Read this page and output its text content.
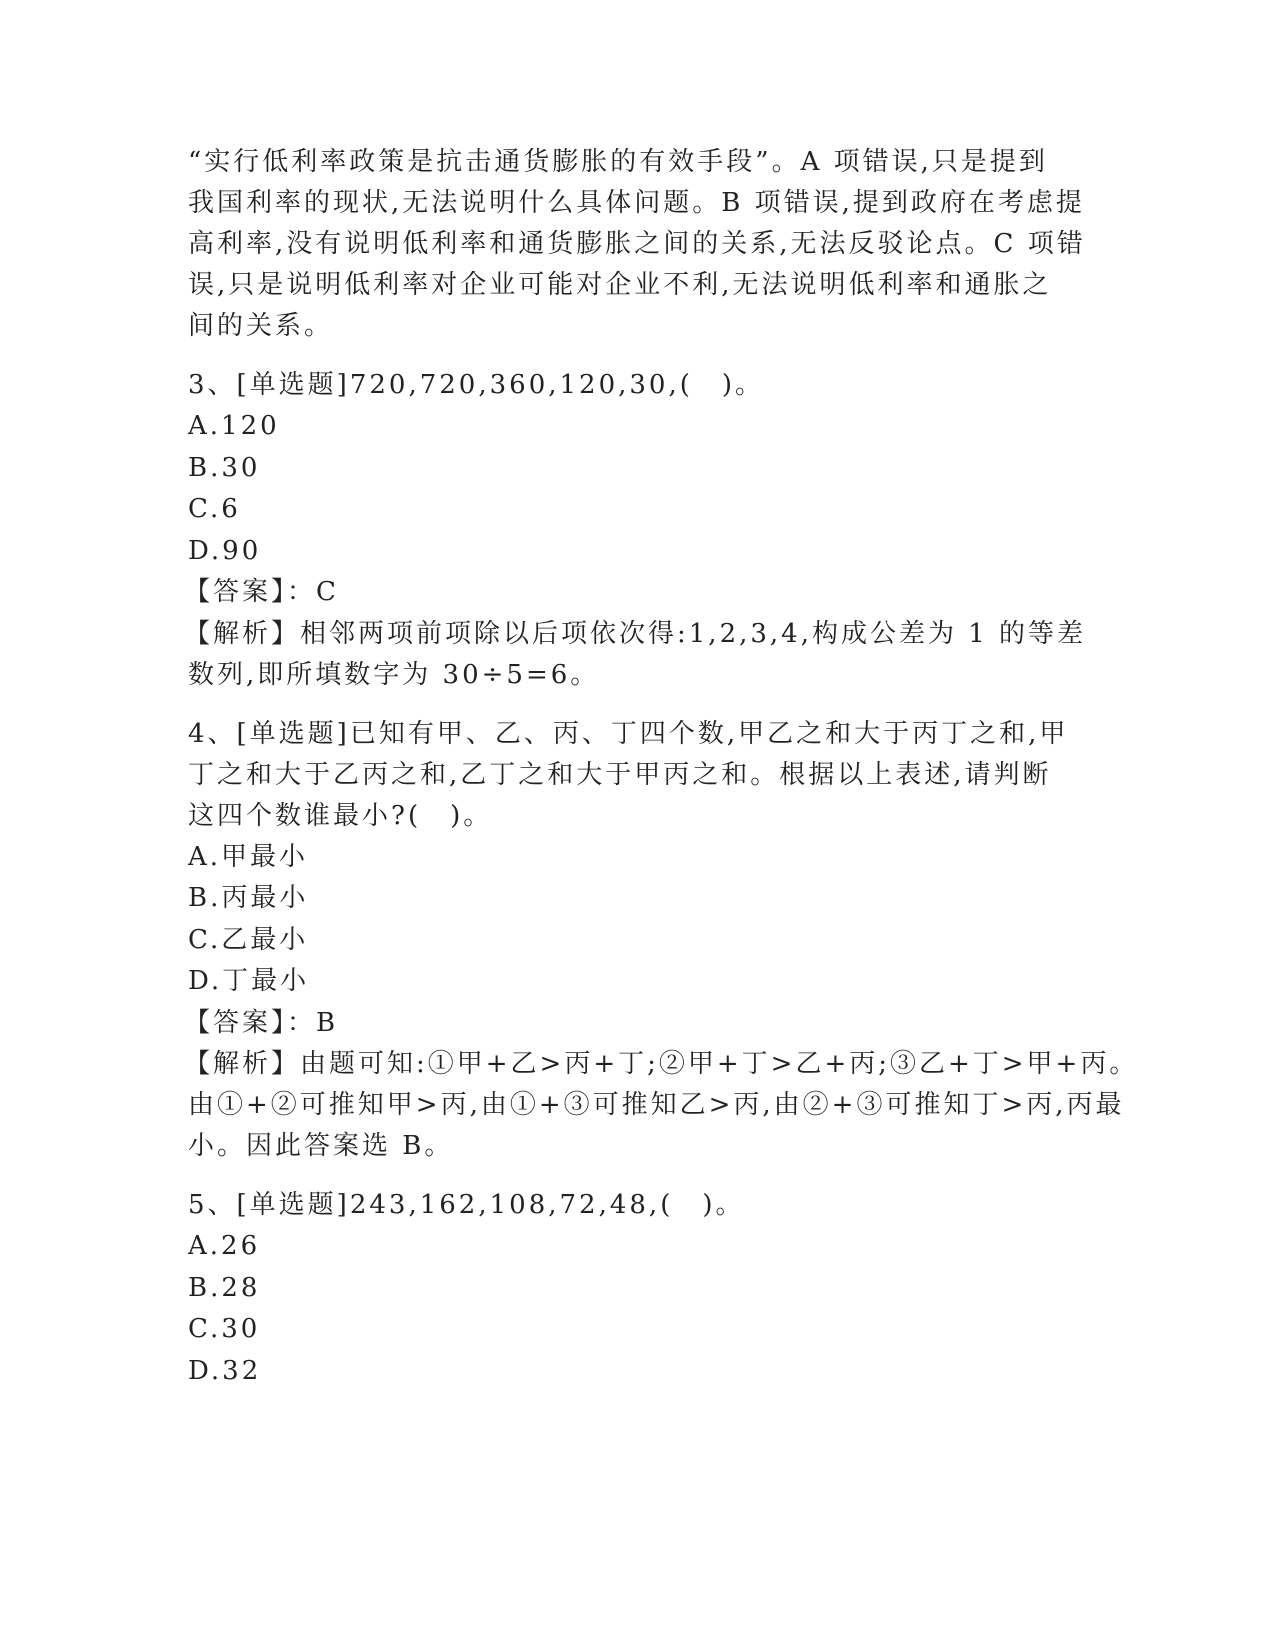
“实行低利率政策是抗击通货膨胀的有效手段”。A 项错误,只是提到
我国利率的现状,无法说明什么具体问题。B 项错误,提到政府在考虑提
高利率,没有说明低利率和通货膨胀之间的关系,无法反驳论点。C 项错
误,只是说明低利率对企业可能对企业不利,无法说明低利率和通胀之
间的关系。
3、[单选题]720,720,360,120,30,(　)。
A.120
B.30
C.6
D.90
【答案】：C
【解析】相邻两项前项除以后项依次得:1,2,3,4,构成公差为 1 的等差
数列,即所填数字为 30÷5=6。
4、[单选题]已知有甲、乙、丙、丁四个数,甲乙之和大于丙丁之和,甲
丁之和大于乙丙之和,乙丁之和大于甲丙之和。根据以上表述,请判断
这四个数谁最小?(　)。
A.甲最小
B.丙最小
C.乙最小
D.丁最小
【答案】：B
【解析】由题可知:①甲+乙>丙+丁;②甲+丁>乙+丙;③乙+丁>甲+丙。
由①+②可推知甲>丙,由①+③可推知乙>丙,由②+③可推知丁>丙,丙最
小。因此答案选 B。
5、[单选题]243,162,108,72,48,(　)。
A.26
B.28
C.30
D.32
